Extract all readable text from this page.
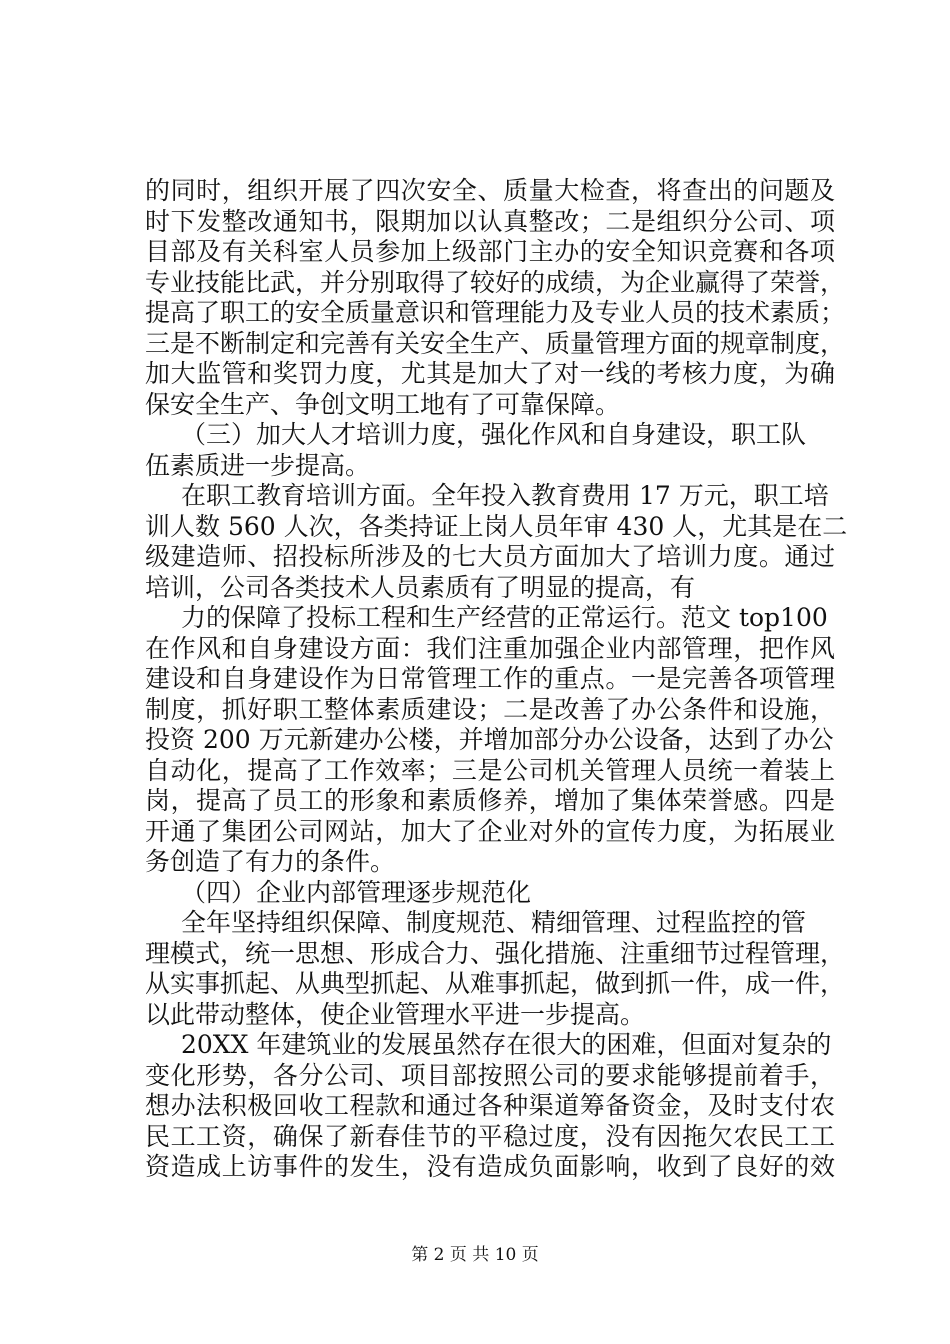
的同时，组织开展了四次安全、质量大检查，将查出的问题及
时下发整改通知书，限期加以认真整改；二是组织分公司、项
目部及有关科室人员参加上级部门主办的安全知识竞赛和各项
专业技能比武，并分别取得了较好的成绩，为企业赢得了荣誉，
提高了职工的安全质量意识和管理能力及专业人员的技术素质；
三是不断制定和完善有关安全生产、质量管理方面的规章制度，
加大监管和奖罚力度，尤其是加大了对一线的考核力度，为确
保安全生产、争创文明工地有了可靠保障。
（三）加大人才培训力度，强化作风和自身建设，职工队
伍素质进一步提高。
在职工教育培训方面。全年投入教育费用 17 万元，职工培
训人数 560 人次，各类持证上岗人员年审 430 人，尤其是在二
级建造师、招投标所涉及的七大员方面加大了培训力度。通过
培训，公司各类技术人员素质有了明显的提高，有
力的保障了投标工程和生产经营的正常运行。范文 top100
在作风和自身建设方面：我们注重加强企业内部管理，把作风
建设和自身建设作为日常管理工作的重点。一是完善各项管理
制度，抓好职工整体素质建设；二是改善了办公条件和设施，
投资 200 万元新建办公楼，并增加部分办公设备，达到了办公
自动化，提高了工作效率；三是公司机关管理人员统一着装上
岗，提高了员工的形象和素质修养，增加了集体荣誉感。四是
开通了集团公司网站，加大了企业对外的宣传力度，为拓展业
务创造了有力的条件。
（四）企业内部管理逐步规范化
全年坚持组织保障、制度规范、精细管理、过程监控的管
理模式，统一思想、形成合力、强化措施、注重细节过程管理，
从实事抓起、从典型抓起、从难事抓起，做到抓一件，成一件，
以此带动整体，使企业管理水平进一步提高。
20XX 年建筑业的发展虽然存在很大的困难，但面对复杂的
变化形势，各分公司、项目部按照公司的要求能够提前着手，
想办法积极回收工程款和通过各种渠道筹备资金，及时支付农
民工工资，确保了新春佳节的平稳过度，没有因拖欠农民工工
资造成上访事件的发生，没有造成负面影响，收到了良好的效
第 2 页 共 10 页
